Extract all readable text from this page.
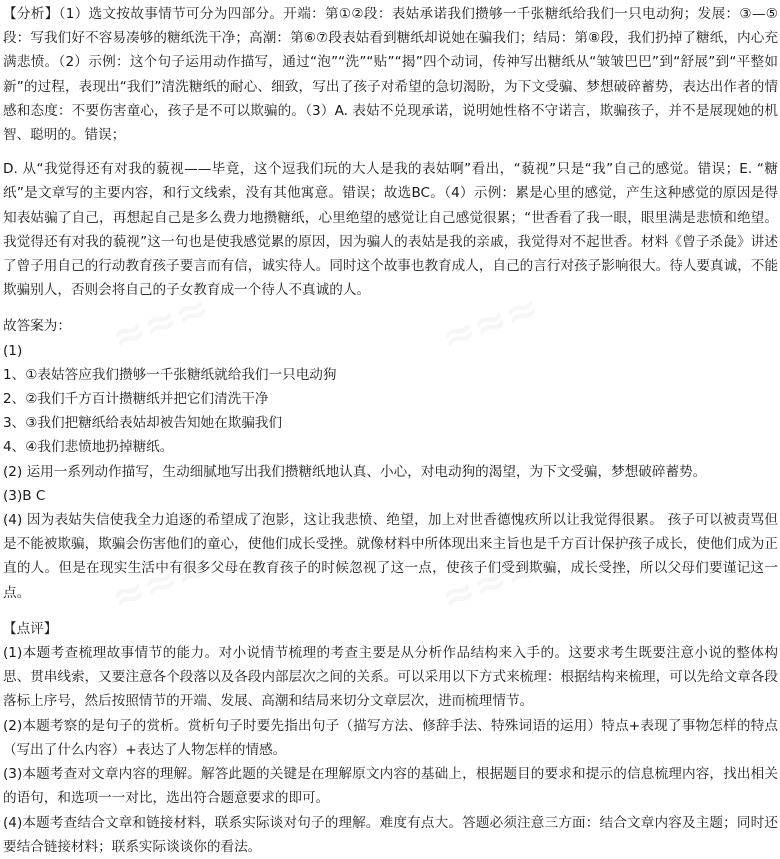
【分析】（1）选文按故事情节可分为四部分。开端：第①②段：表姑承诺我们攒够一千张糖纸给我们一只电动狗；发展：③—⑤段：写我们好不容易凑够的糖纸洗干净；高潮：第⑥⑦段表姑看到糖纸却说她在骗我们；结局：第⑧段，我们扔掉了糖纸，内心充满悲愤。（2）示例：这个句子运用动作描写，通过“泡”“洗”“贴”“揭”四个动词，传神写出糖纸从“皱皱巴巴”到“舒展”到“平整如新”的过程，表现出“我们”清洗糖纸的耐心、细致，写出了孩子对希望的急切渴盼，为下文受骗、梦想破碎蓄势，表达出作者的情感和态度：不要伤害童心，孩子是不可以欺骗的。（3）A. 表姑不兑现承诺，说明她性格不守诺言，欺骗孩子，并不是展现她的机智、聪明的。错误；

D. 从“我觉得还有对我的藐视——毕竟，这个逗我们玩的大人是我的表姑啊”看出，“藐视”只是“我”自己的感觉。错误；E. “糖纸”是文章写的主要内容，和行文线索，没有其他寓意。错误；故选BC。（4）示例：累是心里的感觉，产生这种感觉的原因是得知表姑骗了自己，再想起自己是多么费力地攒糖纸，心里绝望的感觉让自己感觉很累；“世香看了我一眼，眼里满是悲愤和绝望。我觉得还有对我的藐视”这一句也是使我感觉累的原因，因为骗人的表姑是我的亲戚，我觉得对不起世香。材料《曾子杀彘》讲述了曾子用自己的行动教育孩子要言而有信，诚实待人。同时这个故事也教育成人，自己的言行对孩子影响很大。待人要真诚，不能欺骗别人，否则会将自己的子女教育成一个待人不真诚的人。

故答案为：

(1)

1、①表姑答应我们攒够一千张糖纸就给我们一只电动狗

2、②我们千方百计攒糖纸并把它们清洗干净

3、③我们把糖纸给表姑却被告知她在欺骗我们

4、④我们悲愤地扔掉糖纸。

(2) 运用一系列动作描写，生动细腻地写出我们攒糖纸地认真、小心，对电动狗的渴望，为下文受骗，梦想破碎蓄势。

(3)B C

(4) 因为表姑失信使我全力追逐的希望成了泡影，这让我悲愤、绝望，加上对世香德愧疚所以让我觉得很累。 孩子可以被责骂但是不能被欺骗，欺骗会伤害他们的童心，使他们成长受挫。就像材料中所体现出来主旨也是千方百计保护孩子成长，使他们成为正直的人。但是在现实生活中有很多父母在教育孩子的时候忽视了这一点，使孩子们受到欺骗，成长受挫，所以父母们要谨记这一点。

【点评】

(1)本题考查梳理故事情节的能力。对小说情节梳理的考查主要是从分析作品结构来入手的。这要求考生既要注意小说的整体构思、贯串线索，又要注意各个段落以及各段内部层次之间的关系。可以采用以下方式来梳理：根据结构来梳理，可以先给文章各段落标上序号，然后按照情节的开端、发展、高潮和结局来切分文章层次，进而梳理情节。

(2)本题考察的是句子的赏析。赏析句子时要先指出句子（描写方法、修辞手法、特殊词语的运用）特点+表现了事物怎样的特点（写出了什么内容）+表达了人物怎样的情感。

(3)本题考查对文章内容的理解。解答此题的关键是在理解原文内容的基础上，根据题目的要求和提示的信息梳理内容，找出相关的语句，和选项一一对比，选出符合题意要求的即可。

(4)本题考查结合文章和链接材料，联系实际谈对句子的理解。难度有点大。答题必须注意三方面：结合文章内容及主题；同时还要结合链接材料；联系实际谈谈你的看法。
